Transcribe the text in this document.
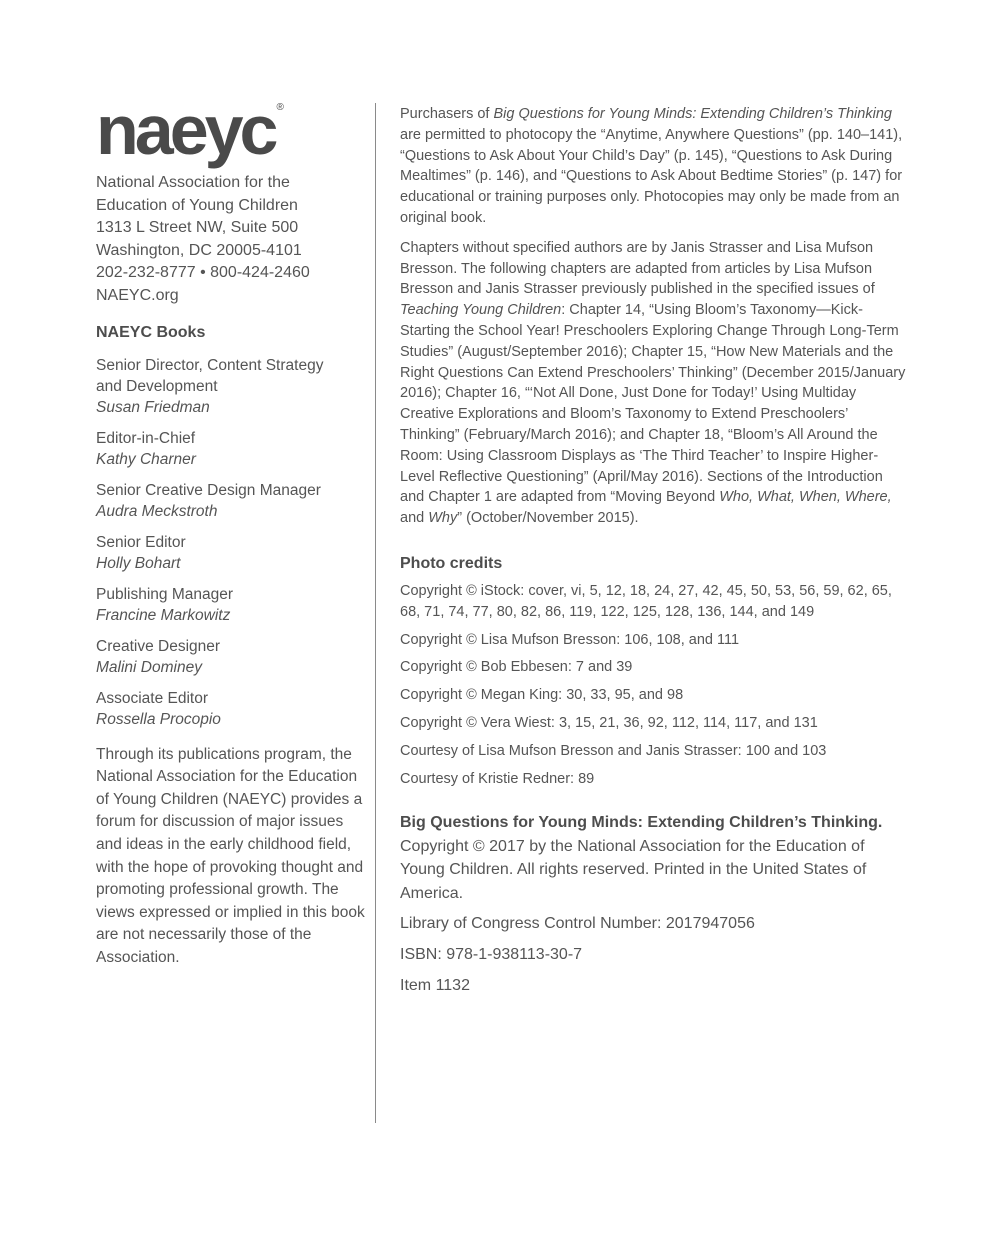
naeyc ®
National Association for the
Education of Young Children
1313 L Street NW, Suite 500
Washington, DC 20005-4101
202-232-8777 • 800-424-2460
NAEYC.org
NAEYC Books
Senior Director, Content Strategy
and Development
Susan Friedman
Editor-in-Chief
Kathy Charner
Senior Creative Design Manager
Audra Meckstroth
Senior Editor
Holly Bohart
Publishing Manager
Francine Markowitz
Creative Designer
Malini Dominey
Associate Editor
Rossella Procopio
Through its publications program, the National Association for the Education of Young Children (NAEYC) provides a forum for discussion of major issues and ideas in the early childhood field, with the hope of provoking thought and promoting professional growth. The views expressed or implied in this book are not necessarily those of the Association.

Purchasers of Big Questions for Young Minds: Extending Children’s Thinking are permitted to photocopy the “Anytime, Anywhere Questions” (pp. 140–141), “Questions to Ask About Your Child’s Day” (p. 145), “Questions to Ask During Mealtimes” (p. 146), and “Questions to Ask About Bedtime Stories” (p. 147) for educational or training purposes only. Photocopies may only be made from an original book.

Chapters without specified authors are by Janis Strasser and Lisa Mufson Bresson. The following chapters are adapted from articles by Lisa Mufson Bresson and Janis Strasser previously published in the specified issues of Teaching Young Children: Chapter 14, “Using Bloom’s Taxonomy—Kick-Starting the School Year! Preschoolers Exploring Change Through Long-Term Studies” (August/September 2016); Chapter 15, “How New Materials and the Right Questions Can Extend Preschoolers’ Thinking” (December 2015/January 2016); Chapter 16, “‘Not All Done, Just Done for Today!’ Using Multiday Creative Explorations and Bloom’s Taxonomy to Extend Preschoolers’ Thinking” (February/March 2016); and Chapter 18, “Bloom’s All Around the Room: Using Classroom Displays as ‘The Third Teacher’ to Inspire Higher-Level Reflective Questioning” (April/May 2016). Sections of the Introduction and Chapter 1 are adapted from “Moving Beyond Who, What, When, Where, and Why” (October/November 2015).

Photo credits
Copyright © iStock: cover, vi, 5, 12, 18, 24, 27, 42, 45, 50, 53, 56, 59, 62, 65, 68, 71, 74, 77, 80, 82, 86, 119, 122, 125, 128, 136, 144, and 149
Copyright © Lisa Mufson Bresson: 106, 108, and 111
Copyright © Bob Ebbesen: 7 and 39
Copyright © Megan King: 30, 33, 95, and 98
Copyright © Vera Wiest: 3, 15, 21, 36, 92, 112, 114, 117, and 131
Courtesy of Lisa Mufson Bresson and Janis Strasser: 100 and 103
Courtesy of Kristie Redner: 89
Big Questions for Young Minds: Extending Children’s Thinking. Copyright © 2017 by the National Association for the Education of Young Children. All rights reserved. Printed in the United States of America.
Library of Congress Control Number: 2017947056
ISBN: 978-1-938113-30-7
Item 1132
